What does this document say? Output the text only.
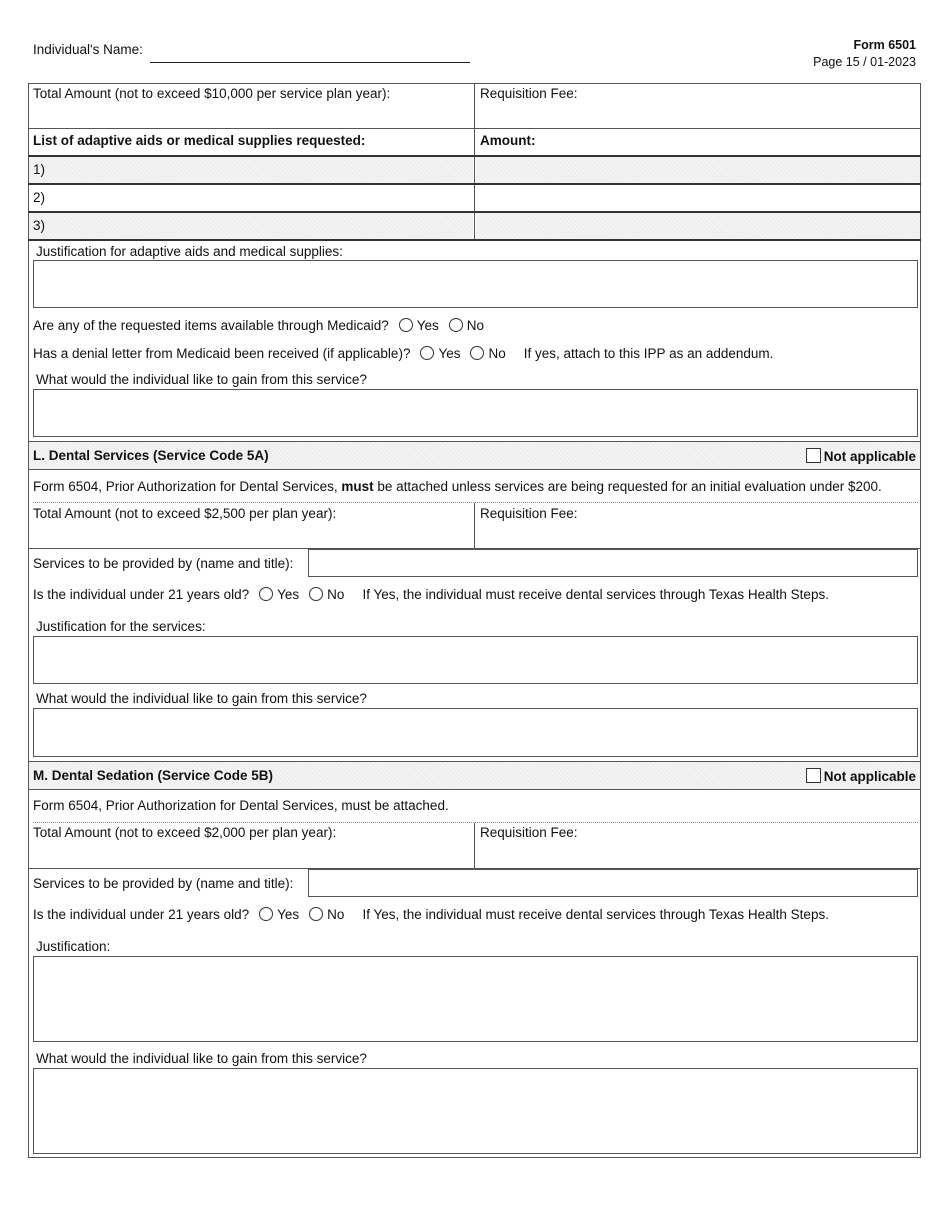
Individual's Name:	Form 6501
Page 15 / 01-2023
Total Amount (not to exceed $10,000 per service plan year):	Requisition Fee:
List of adaptive aids or medical supplies requested:	Amount:
1)
2)
3)
Justification for adaptive aids and medical supplies:
Are any of the requested items available through Medicaid? Yes No
Has a denial letter from Medicaid been received (if applicable)? Yes No If yes, attach to this IPP as an addendum.
What would the individual like to gain from this service?
L. Dental Services (Service Code 5A)	Not applicable
Form 6504, Prior Authorization for Dental Services, must be attached unless services are being requested for an initial evaluation under $200.
Total Amount (not to exceed $2,500 per plan year):	Requisition Fee:
Services to be provided by (name and title):
Is the individual under 21 years old? Yes No If Yes, the individual must receive dental services through Texas Health Steps.
Justification for the services:
What would the individual like to gain from this service?
M. Dental Sedation (Service Code 5B)	Not applicable
Form 6504, Prior Authorization for Dental Services, must be attached.
Total Amount (not to exceed $2,000 per plan year):	Requisition Fee:
Services to be provided by (name and title):
Is the individual under 21 years old? Yes No If Yes, the individual must receive dental services through Texas Health Steps.
Justification:
What would the individual like to gain from this service?
